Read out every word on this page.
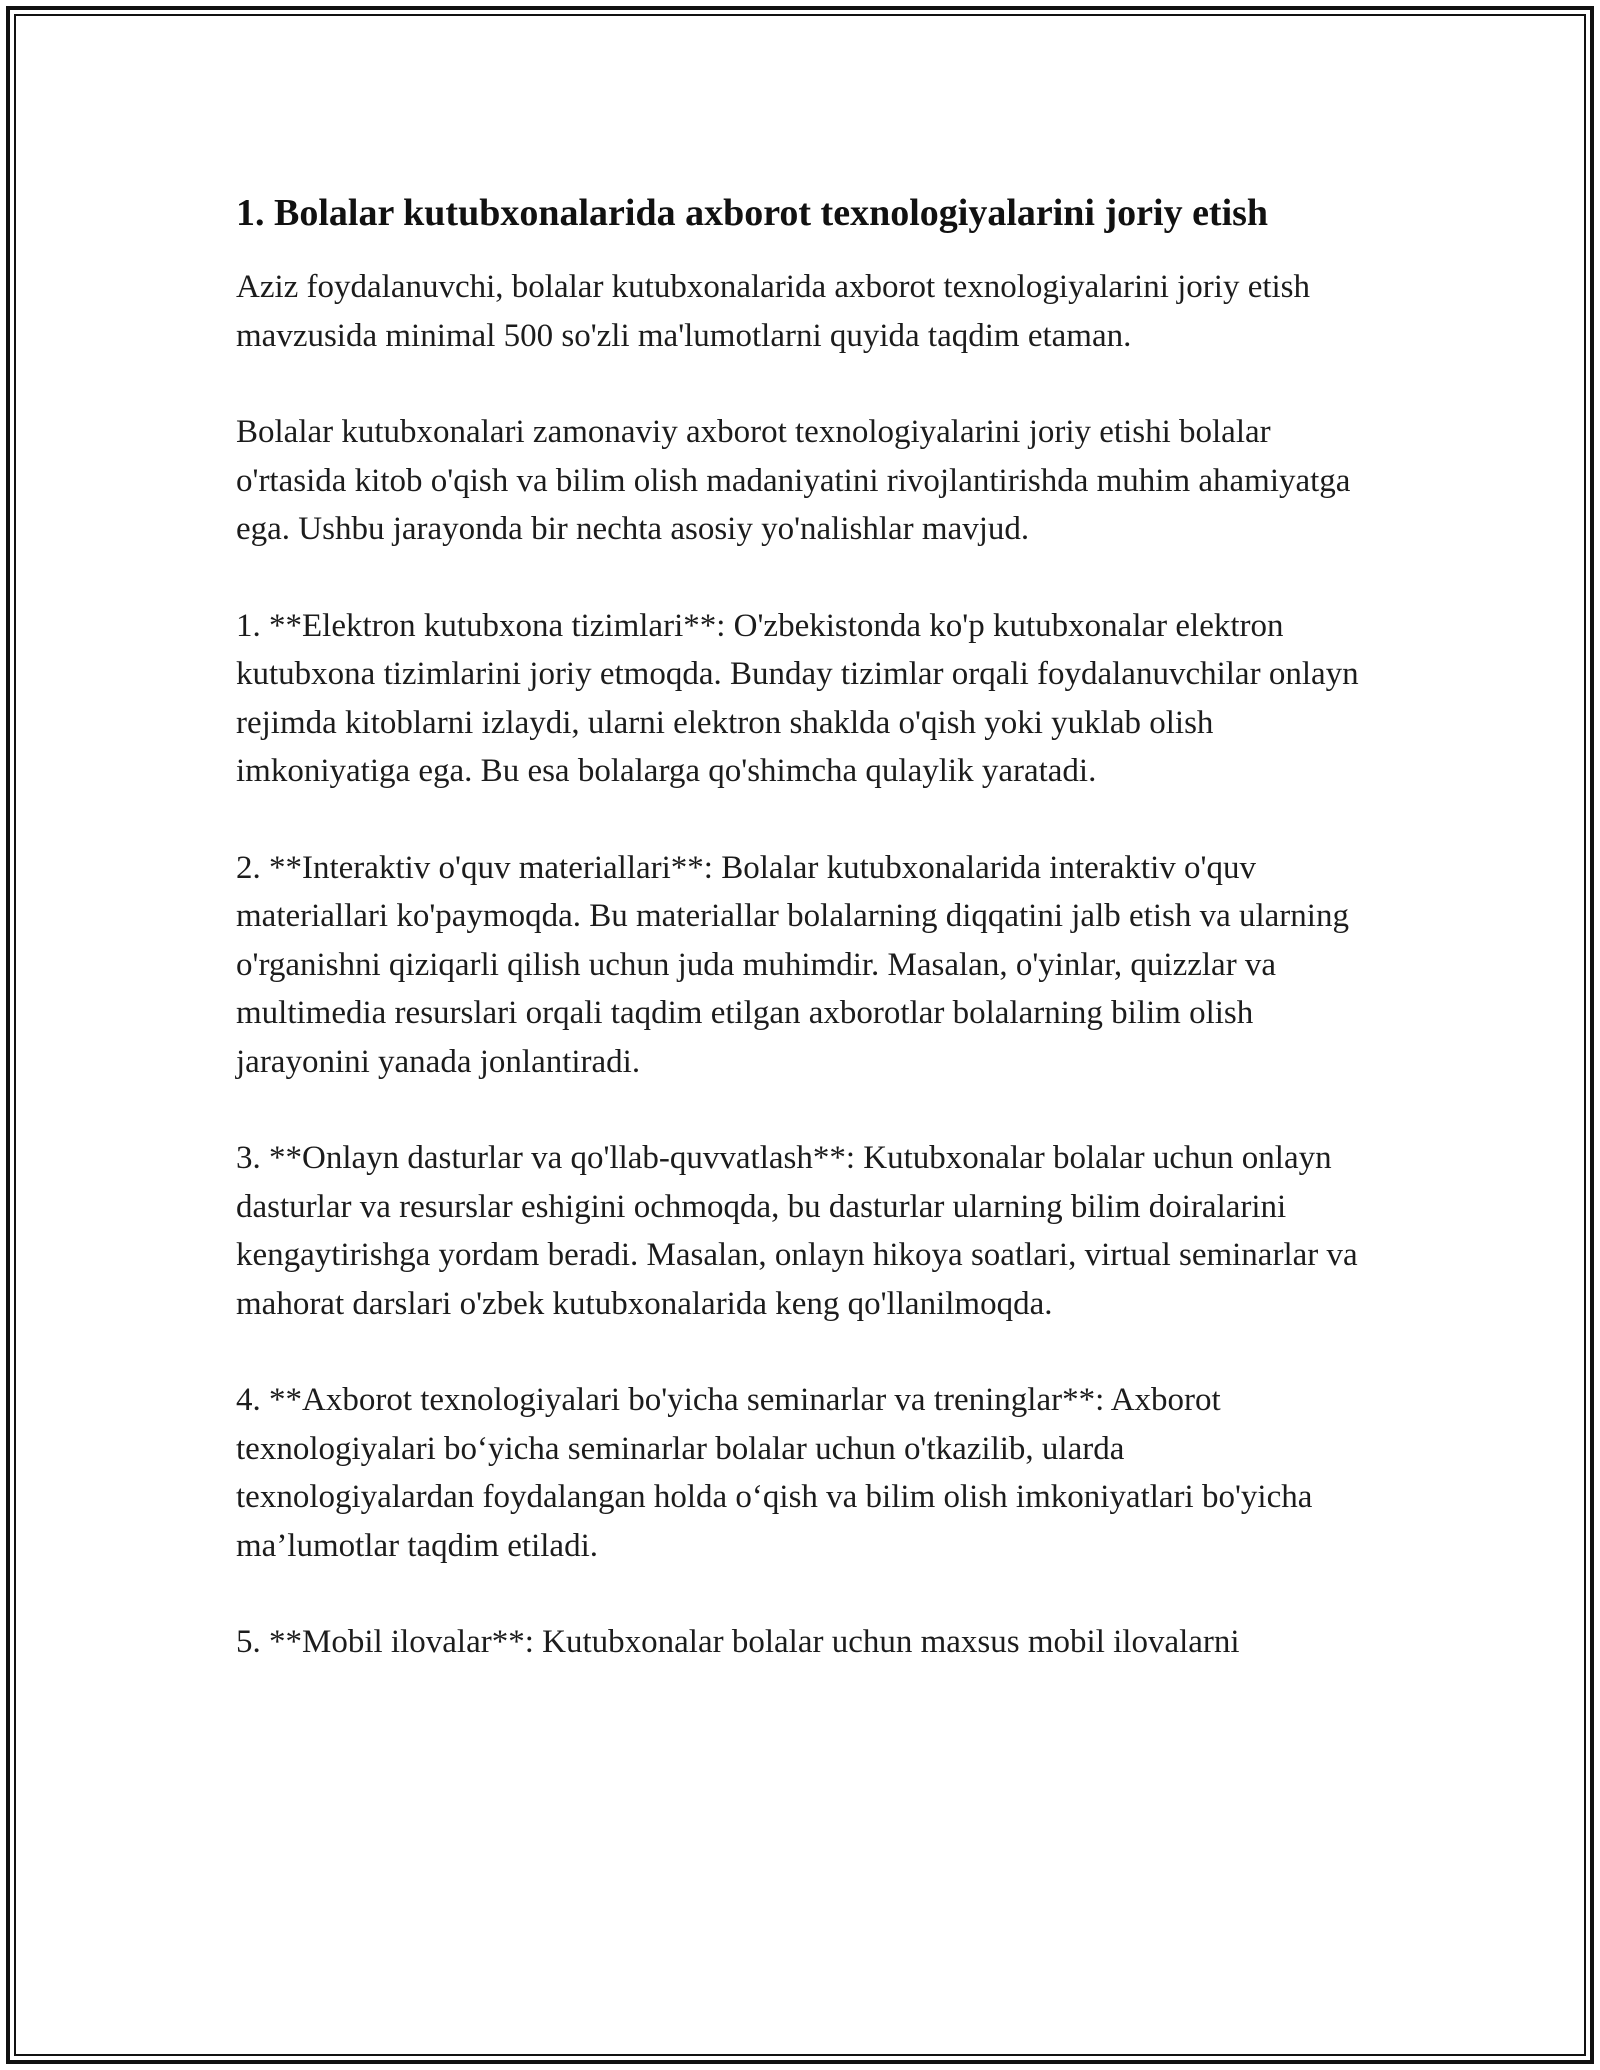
1. Bolalar kutubxonalarida axborot texnologiyalarini joriy etish

Aziz foydalanuvchi, bolalar kutubxonalarida axborot texnologiyalarini joriy etish mavzusida minimal 500 so'zli ma'lumotlarni quyida taqdim etaman.

Bolalar kutubxonalari zamonaviy axborot texnologiyalarini joriy etishi bolalar o'rtasida kitob o'qish va bilim olish madaniyatini rivojlantirishda muhim ahamiyatga ega. Ushbu jarayonda bir nechta asosiy yo'nalishlar mavjud.

1. **Elektron kutubxona tizimlari**: O'zbekistonda ko'p kutubxonalar elektron kutubxona tizimlarini joriy etmoqda. Bunday tizimlar orqali foydalanuvchilar onlayn rejimda kitoblarni izlaydi, ularni elektron shaklda o'qish yoki yuklab olish imkoniyatiga ega. Bu esa bolalarga qo'shimcha qulaylik yaratadi.

2. **Interaktiv o'quv materiallari**: Bolalar kutubxonalarida interaktiv o'quv materiallari ko'paymoqda. Bu materiallar bolalarning diqqatini jalb etish va ularning o'rganishni qiziqarli qilish uchun juda muhimdir. Masalan, o'yinlar, quizzlar va multimedia resurslari orqali taqdim etilgan axborotlar bolalarning bilim olish jarayonini yanada jonlantiradi.

3. **Onlayn dasturlar va qo'llab-quvvatlash**: Kutubxonalar bolalar uchun onlayn dasturlar va resurslar eshigini ochmoqda, bu dasturlar ularning bilim doiralarini kengaytirishga yordam beradi. Masalan, onlayn hikoya soatlari, virtual seminarlar va mahorat darslari o'zbek kutubxonalarida keng qo'llanilmoqda.

4. **Axborot texnologiyalari bo'yicha seminarlar va treninglar**: Axborot texnologiyalari bo‘yicha seminarlar bolalar uchun o'tkazilib, ularda texnologiyalardan foydalangan holda o‘qish va bilim olish imkoniyatlari bo'yicha ma’lumotlar taqdim etiladi.

5. **Mobil ilovalar**: Kutubxonalar bolalar uchun maxsus mobil ilovalarni
